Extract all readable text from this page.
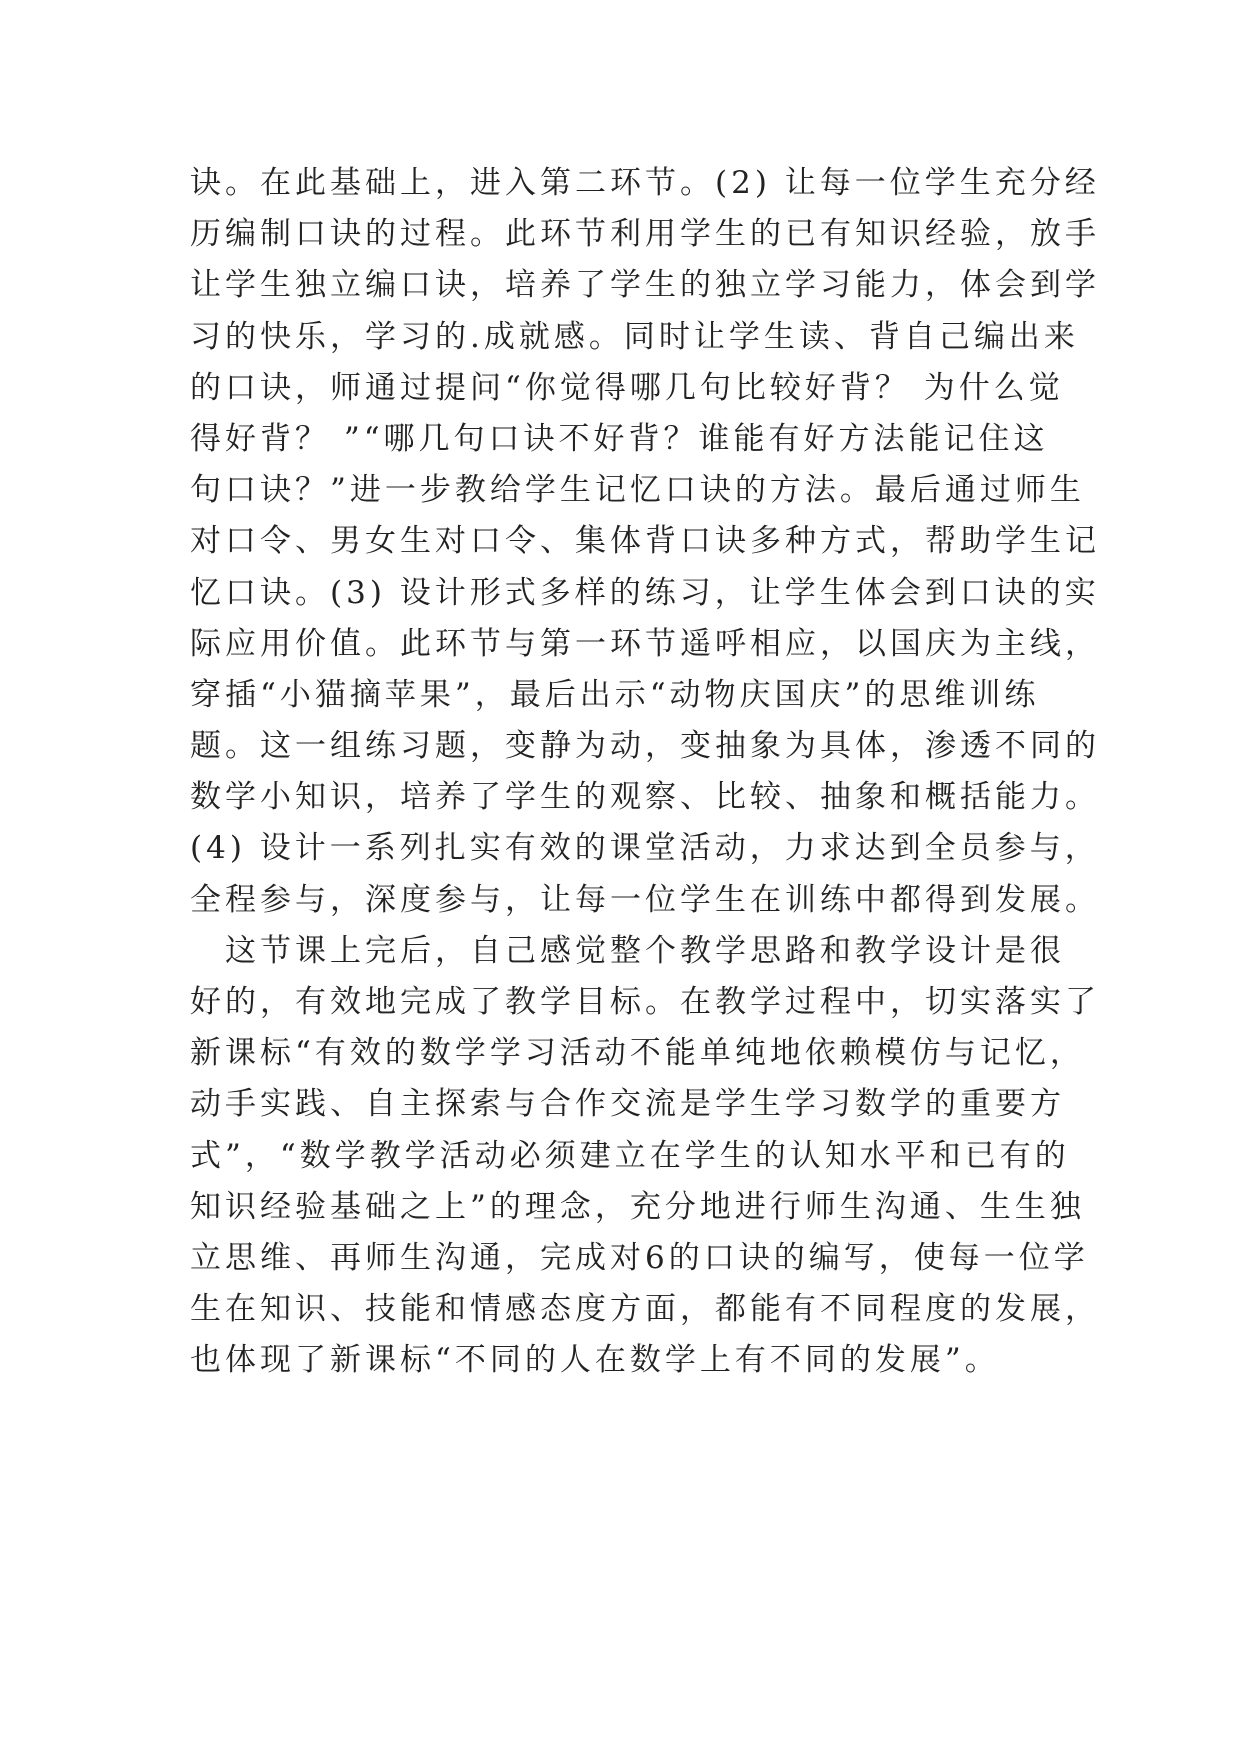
诀。在此基础上，进入第二环节。(2) 让每一位学生充分经
历编制口诀的过程。此环节利用学生的已有知识经验，放手
让学生独立编口诀，培养了学生的独立学习能力，体会到学
习的快乐，学习的.成就感。同时让学生读、背自己编出来
的口诀，师通过提问“你觉得哪几句比较好背？ 为什么觉
得好背？ ”“哪几句口诀不好背？谁能有好方法能记住这
句口诀？”进一步教给学生记忆口诀的方法。最后通过师生
对口令、男女生对口令、集体背口诀多种方式，帮助学生记
忆口诀。(3) 设计形式多样的练习，让学生体会到口诀的实
际应用价值。此环节与第一环节遥呼相应，以国庆为主线，
穿插“小猫摘苹果”，最后出示“动物庆国庆”的思维训练
题。这一组练习题，变静为动，变抽象为具体，渗透不同的
数学小知识，培养了学生的观察、比较、抽象和概括能力。
(4) 设计一系列扎实有效的课堂活动，力求达到全员参与，
全程参与，深度参与，让每一位学生在训练中都得到发展。
　这节课上完后，自己感觉整个教学思路和教学设计是很
好的，有效地完成了教学目标。在教学过程中，切实落实了
新课标“有效的数学学习活动不能单纯地依赖模仿与记忆，
动手实践、自主探索与合作交流是学生学习数学的重要方
式”，“数学教学活动必须建立在学生的认知水平和已有的
知识经验基础之上”的理念，充分地进行师生沟通、生生独
立思维、再师生沟通，完成对6的口诀的编写，使每一位学
生在知识、技能和情感态度方面，都能有不同程度的发展，
也体现了新课标“不同的人在数学上有不同的发展”。
